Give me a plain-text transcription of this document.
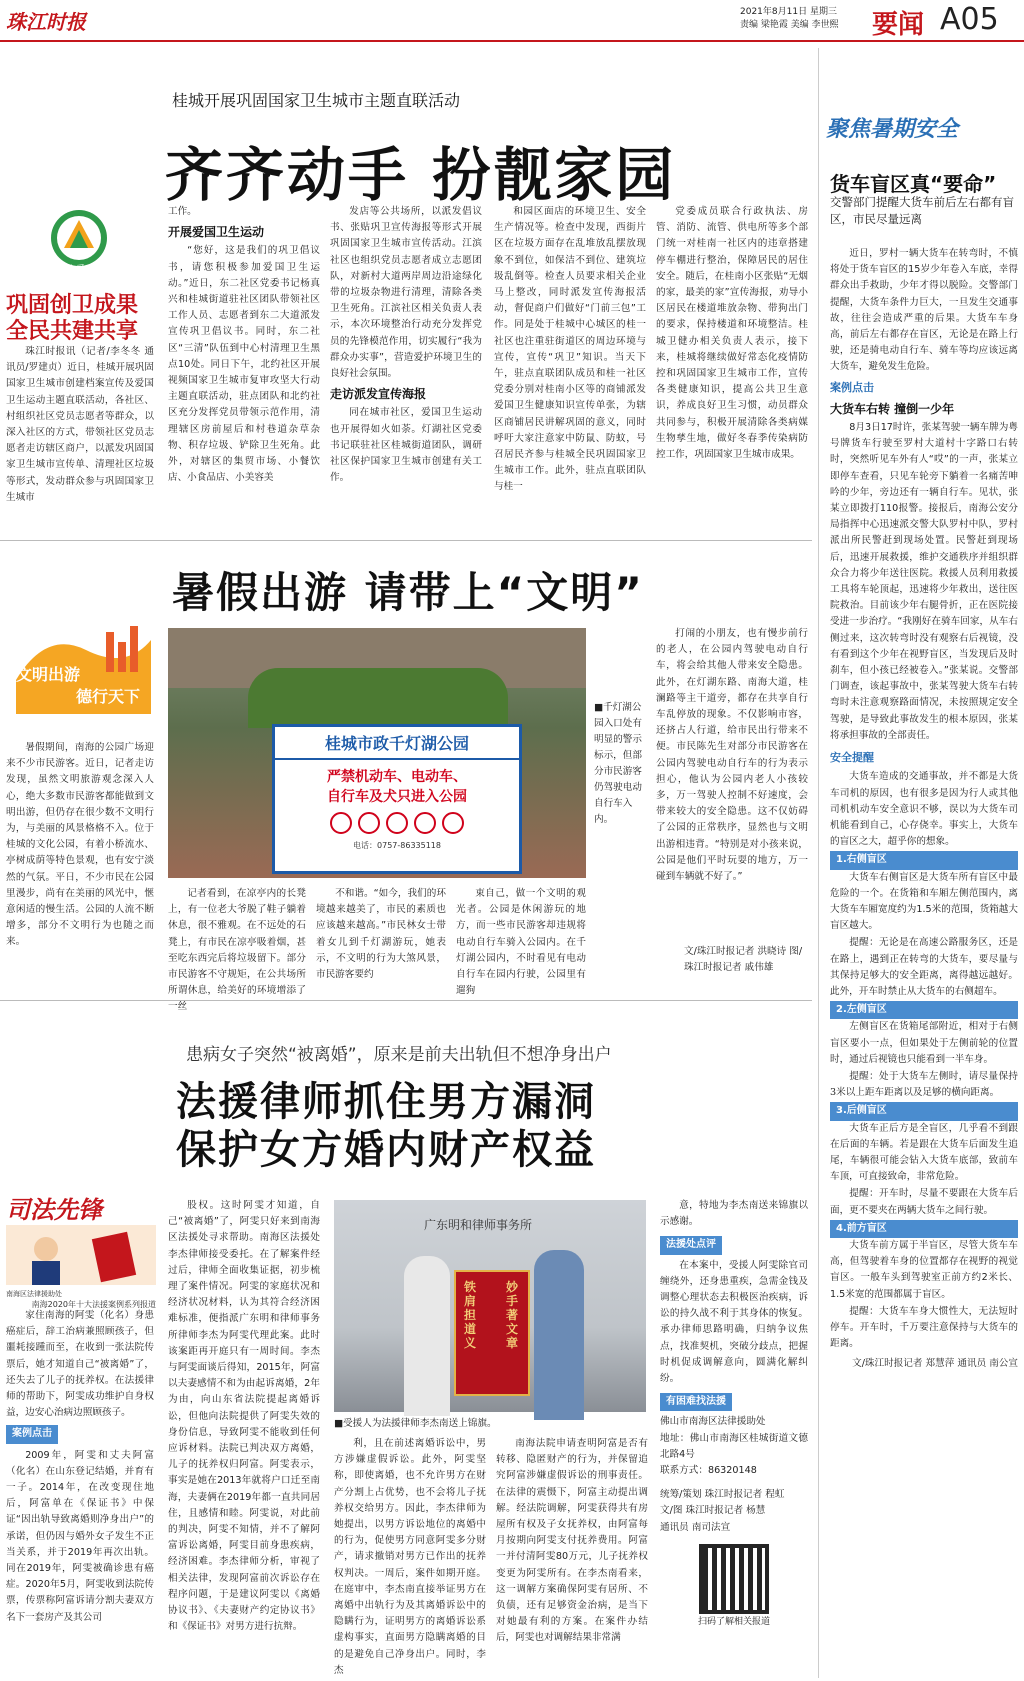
珠江时报	2021年8月11日 星期三
责编 梁艳霞 美编 李世熙 要闻 A05
桂城开展巩固国家卫生城市主题直联活动
齐齐动手 扮靓家园
佛山爱卫
巩固创卫成果
全民共建共享

珠江时报讯（记者/李冬冬 通讯员/罗建贞）近日，桂城开展巩固国家卫生城市创建档案宣传及爱国卫生运动主题直联活动，各社区、村组织社区党员志愿者等群众，以深入社区的方式，带领社区党员志愿者走访辖区商户，以派发巩固国家卫生城市宣传单、清理社区垃圾等形式，发动群众参与巩固国家卫生城市

工作。
开展爱国卫生运动

“您好，这是我们的巩卫倡议书，请您积极参加爱国卫生运动。”近日，东二社区党委书记杨真兴和桂城街道驻社区团队带领社区工作人员、志愿者到东二大道派发宣传巩卫倡议书。同时，东二社区“三清”队伍到中心村清理卫生黑点10处。同日下午，北约社区开展视频国家卫生城市复审攻坚大行动主题直联活动，驻点团队和北约社区充分发挥党员带领示范作用，清理辖区房前屋后和村巷道杂草杂物、积存垃圾、铲除卫生死角。此外，对辖区的集贸市场、小餐饮店、小食品店、小美容美

发店等公共场所，以派发倡议书、张贴巩卫宣传海报等形式开展巩固国家卫生城市宣传活动。江滨社区也组织党员志愿者成立志愿团队，对新村大道两岸周边沿途绿化带的垃圾杂物进行清理，清除各类卫生死角。江滨社区相关负责人表示，本次环境整治行动充分发挥党员的先锋模范作用，切实履行“我为群众办实事”，营造爱护环境卫生的良好社会氛围。

走访派发宣传海报

同在城市社区，爱国卫生运动也开展得如火如荼。灯湖社区党委书记联驻社区桂城街道团队，调研社区保护国家卫生城市创建有关工作。

和园区面店的环境卫生、安全生产情况等。检查中发现，西街片区在垃圾方面存在乱堆放乱摆放现象不到位，如保洁不到位、建筑垃圾乱倒等。检查人员要求相关企业马上整改，同时派发宣传海报活动，督促商户们做好“门前三包”工作。同是处于桂城中心城区的桂一社区也注重驻街道区的周边环境与宣传，宣传“巩卫”知识。当天下午，驻点直联团队成员和桂一社区党委分别对桂南小区等的商铺派发爱国卫生健康知识宣传单张，为辖区商铺居民讲解巩固的意义，同时呼吁大家注意家中防鼠、防蚊，号召居民齐参与桂城全民巩固国家卫生城市工作。此外，驻点直联团队与桂一

党委成员联合行政执法、房管、消防、流管、供电所等多个部门统一对桂南一社区内的违章搭建停车棚进行整治，保障居民的居住安全。随后，在桂南小区张贴“无烟的家，最美的家”宣传海报，劝导小区居民在楼道堆放杂物、带狗出门的要求，保持楼道和环境整洁。桂城卫健办相关负责人表示，接下来，桂城将继续做好常态化疫情防控和巩固国家卫生城市工作，宣传各类健康知识，提高公共卫生意识，养成良好卫生习惯，动员群众共同参与，积极开展清除各类病媒生物孳生地，做好冬春季传染病防控工作，巩固国家卫生城市成果。

暑假出游 请带上“文明”
文明出游
德行天下

暑假期间，南海的公园广场迎来不少市民游客。近日，记者走访发现，虽然文明旅游观念深入人心，绝大多数市民游客都能做到文明出游，但仍存在很少数不文明行为，与美丽的风景格格不入。位于桂城的文化公园，有着小桥流水、亭树成荫等特色景观，也有安宁淡然的气氛。平日，不少市民在公园里漫步，尚有在美丽的风光中，惬意闲适的慢生活。公园的人流不断增多，部分不文明行为也随之而来。

桂城市政千灯湖公园
严禁机动车、电动车、
自行车及犬只进入公园
电话：0757-86335118
■千灯湖公园入口处有明显的警示标示，但部分市民游客仍驾驶电动自行车入内。

记者看到，在凉亭内的长凳上，有一位老大爷脱了鞋子躺着休息，很不雅观。在不远处的石凳上，有市民在凉亭吸着烟，甚至吃东西完后将垃圾留下。部分市民游客不守规矩，在公共场所所谓休息，给美好的环境增添了一丝

不和谐。“如今，我们的环境越来越美了，市民的素质也应该越来越高。”市民林女士带着女儿到千灯湖游玩，她表示，不文明的行为大煞风景，市民游客要约

束自己，做一个文明的观光者。公园是休闲游玩的地方，而一些市民游客却违规将电动自行车骑入公园内。在千灯湖公园内，不时看见有电动自行车在园内行驶，公园里有遛狗

打闹的小朋友，也有慢步前行的老人，在公园内驾驶电动自行车，将会给其他人带来安全隐患。此外，在灯湖东路、南海大道，桂澜路等主干道旁，都存在共享自行车乱停放的现象。不仅影响市容，还挤占人行道，给市民出行带来不便。市民陈先生对部分市民游客在公园内驾驶电动自行车的行为表示担心，他认为公园内老人小孩较多，万一驾驶人控制不好速度，会带来较大的安全隐患。这不仅妨碍了公园的正常秩序，显然也与文明出游相违背。“特别是对小孩来说，公园是他们平时玩耍的地方，万一碰到车辆就不好了。”

文/珠江时报记者 洪晓诗 图/珠江时报记者 戚伟雄
患病女子突然“被离婚”，原来是前夫出轨但不想净身出户
法援律师抓住男方漏洞
保护女方婚内财产权益
司法先锋
南海区法律援助处
南海2020年十大法援案例系列报道

家住南海的阿雯（化名）身患癌症后，辞工治病兼照顾孩子，但噩耗接踵而至，在收到一张法院传票后，她才知道自己“被离婚”了，还失去了儿子的抚养权。在法援律师的帮助下，阿雯成功维护自身权益，边安心治病边照顾孩子。

案例点击

2009年，阿雯和丈夫阿富（化名）在山东登记结婚，并育有一子。2014年，在改变现住地后，阿富单在《保证书》中保证“因出轨导致离婚则净身出户”的承诺，但仍因与婚外女子发生不正当关系，并于2019年再次出轨。同在2019年，阿雯被确诊患有癌症。2020年5月，阿雯收到法院传票，传票称阿富诉请分割夫妻双方名下一套房产及其公司

股权。这时阿雯才知道，自己“被离婚”了，阿雯只好来到南海区法援处寻求帮助。南海区法援处李杰律师接受委托。在了解案件经过后，律师全面收集证据，初步梳理了案件情况。阿雯的家庭状况和经济状况材料，认为其符合经济困难标准，便指派广东明和律师事务所律师李杰为阿雯代理此案。此时该案距再开庭只有一周时间。李杰与阿雯面谈后得知，2015年，阿富以夫妻感情不和为由起诉离婚，2年为由，向山东省法院提起离婚诉讼，但他向法院提供了阿雯失效的身份信息，导致阿雯不能收到任何应诉材料。法院已判决双方离婚，儿子的抚养权归阿富。阿雯表示，事实是她在2013年就将户口迁至南海，夫妻俩在2019年都一直共同居住，且感情和睦。阿雯说，对此前的判决，阿雯不知情，并不了解阿富诉讼离婚，阿雯目前身患疾病，经济困难。李杰律师分析，审视了相关法律，发现阿富前次诉讼存在程序问题，于是建议阿雯以《离婚协议书》、《夫妻财产约定协议书》和《保证书》对男方进行抗辩。

广东明和律师事务所
铁肩担道义
妙手著文章
■受援人为法援律师李杰南送上锦旗。

利，且在前述离婚诉讼中，男方涉嫌虚假诉讼。此外，阿雯坚称，即使离婚，也不允许男方在财产分割上占优势，也不会将儿子抚养权交给男方。因此，李杰律师为她提出，以男方诉讼地位的离婚中的行为，促使男方同意阿雯多分财产，请求撤销对男方已作出的抚养权判决。一周后，案件如期开庭。在庭审中，李杰南直接举证男方在离婚中出轨行为及其离婚诉讼中的隐瞒行为，证明男方的离婚诉讼系虚构事实，直面男方隐瞒离婚的目的是避免自己净身出户。同时，李杰

南海法院申请查明阿富是否有转移、隐匿财产的行为，并保留追究阿富涉嫌虚假诉讼的刑事责任。在法律的震慑下，阿富主动提出调解。经法院调解，阿雯获得共有房屋所有权及子女抚养权，由阿富每月按期向阿雯支付抚养费用。阿富一并付清阿雯80万元，儿子抚养权变更为阿雯所有。在李杰南看来，这一调解方案确保阿雯有居所、不负债，还有足够资金治病，是当下对她最有利的方案。在案件办结后，阿雯也对调解结果非常满

意，特地为李杰南送来锦旗以示感谢。

法援处点评

在本案中，受援人阿雯除官司缠绕外，还身患重疾，急需金钱及调整心理状态去积极医治疾病，诉讼的持久战不利于其身体的恢复。承办律师思路明确，归纳争议焦点，找准契机，突破分歧点，把握时机促成调解意向，圆满化解纠纷。

有困难找法援
佛山市南海区法律援助处
地址：佛山市南海区桂城街道文德北路4号
联系方式：86320148
统筹/策划 珠江时报记者 程虹
文/图 珠江时报记者 杨慧
通讯员 南司法宣
扫码了解相关报道
聚焦暑期安全
货车盲区真“要命”
交警部门提醒大货车前后左右都有盲区，市民尽量远离

近日，罗村一辆大货车在转弯时，不慎将处于货车盲区的15岁少年卷入车底，幸得群众出手救助，少年才得以脱险。交警部门提醒，大货车条件力巨大，一旦发生交通事故，往往会造成严重的后果。大货车车身高，前后左右都存在盲区，无论是在路上行驶，还是骑电动自行车、骑车等均应该远离大货车，避免发生危险。

案例点击
大货车右转 撞倒一少年

8月3日17时许，张某驾驶一辆车牌为粤号牌货车行驶至罗村大道村十字路口右转时，突然听见车外有人“哎”的一声，张某立即停车查看，只见车轮旁下躺着一名痛苦呻吟的少年，旁边还有一辆自行车。见状，张某立即拨打110报警。接报后，南海公安分局指挥中心迅速派交警大队罗村中队，罗村派出所民警赶到现场处置。民警赶到现场后，迅速开展救援，维护交通秩序并组织群众合力将少年送往医院。救援人员利用救援工具将车轮顶起，迅速将少年救出，送往医院救治。目前该少年右腿骨折，正在医院接受进一步治疗。“我刚好在骑车回家，从车右侧过来，这次转弯时没有观察右后视镜，没有看到这个少年在视野盲区，当发现后及时刹车，但小孩已经被卷入。”张某说。交警部门调查，该起事故中，张某驾驶大货车右转弯时未注意观察路面情况，未按照规定安全驾驶，是导致此事故发生的根本原因，张某将承担事故的全部责任。

安全提醒

大货车造成的交通事故，并不都是大货车司机的原因，也有很多是因为行人或其他司机机动车安全意识不够，误以为大货车司机能看到自己，心存侥幸。事实上，大货车的盲区之大，超乎你的想象。

1.右侧盲区

大货车右侧盲区是大货车所有盲区中最危险的一个。在货箱和车厢左侧范围内，离大货车车厢宽度约为1.5米的范围，货箱越大盲区越大。

提醒：无论是在高速公路服务区，还是在路上，遇到正在转弯的大货车，要尽量与其保持足够大的安全距离，离得越远越好。此外，开车时禁止从大货车的右侧超车。

2.左侧盲区

左侧盲区在货箱尾部附近，相对于右侧盲区要小一点，但如果处于左侧前轮的位置时，通过后视镜也只能看到一半车身。

提醒：处于大货车左侧时，请尽量保持3米以上距车距离以及足够的横向距离。

3.后侧盲区

大货车正后方是全盲区，几乎看不到跟在后面的车辆。若是跟在大货车后面发生追尾，车辆很可能会钻入大货车底部，致前车车顶，可直接致命，非常危险。

提醒：开车时，尽量不要跟在大货车后面，更不要夹在两辆大货车之间行驶。

4.前方盲区

大货车前方属于半盲区，尽管大货车车高，但驾驶着车身的位置都存在视野的视觉盲区。一般车头到驾驶室正前方约2米长、1.5米宽的范围都属于盲区。

提醒：大货车车身大惯性大，无法短时停车。开车时，千万要注意保持与大货车的距离。

文/珠江时报记者 郑慧萍 通讯员 南公宣
